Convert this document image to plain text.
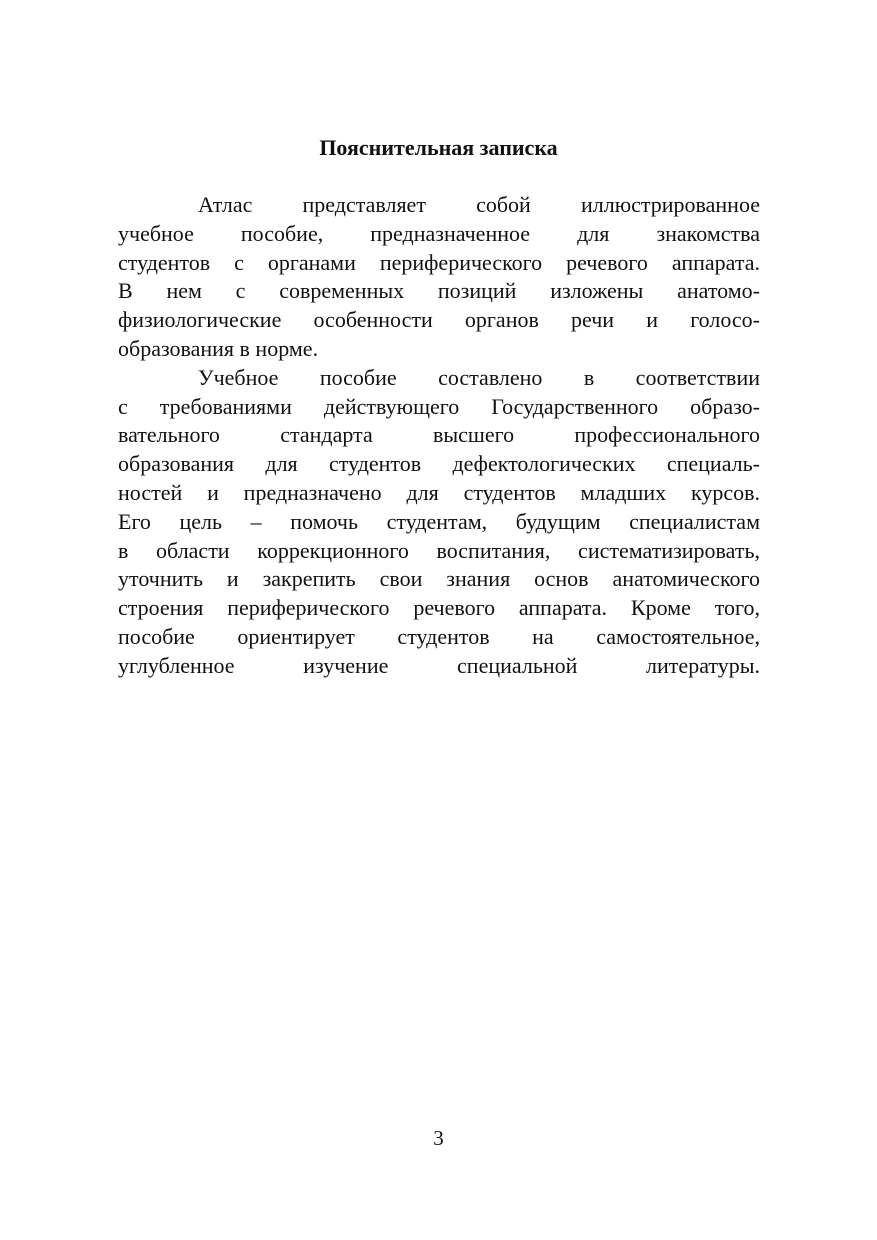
Пояснительная записка

Атлас представляет собой иллюстрированное
учебное пособие, предназначенное для знакомства
студентов с органами периферического речевого аппарата.
В нем с современных позиций изложены анатомо-
физиологические особенности органов речи и голосо-
образования в норме.

Учебное пособие составлено в соответствии
с требованиями действующего Государственного образо-
вательного стандарта высшего профессионального
образования для студентов дефектологических специаль-
ностей и предназначено для студентов младших курсов.
Его цель – помочь студентам, будущим специалистам
в области коррекционного воспитания, систематизировать,
уточнить и закрепить свои знания основ анатомического
строения периферического речевого аппарата. Кроме того,
пособие ориентирует студентов на самостоятельное,
углубленное изучение специальной литературы.

3
